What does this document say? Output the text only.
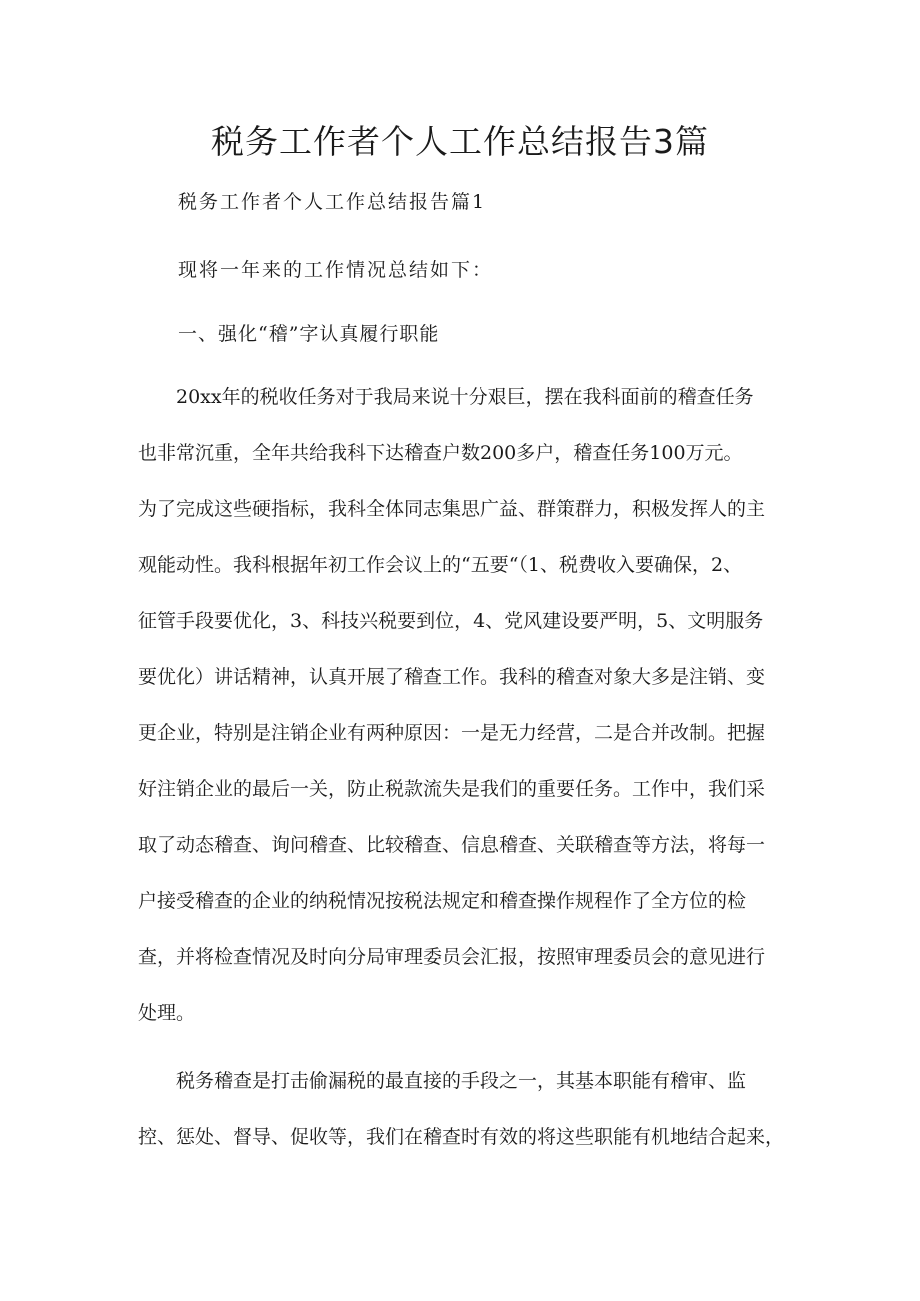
税务工作者个人工作总结报告3篇

税务工作者个人工作总结报告篇1

现将一年来的工作情况总结如下：

一、强化“稽”字认真履行职能

20xx年的税收任务对于我局来说十分艰巨，摆在我科面前的稽查任务
也非常沉重，全年共给我科下达稽查户数200多户，稽查任务100万元。
为了完成这些硬指标，我科全体同志集思广益、群策群力，积极发挥人的主
观能动性。我科根据年初工作会议上的“五要“（1、税费收入要确保，2、
征管手段要优化，3、科技兴税要到位，4、党风建设要严明，5、文明服务
要优化）讲话精神，认真开展了稽查工作。我科的稽查对象大多是注销、变
更企业，特别是注销企业有两种原因：一是无力经营，二是合并改制。把握
好注销企业的最后一关，防止税款流失是我们的重要任务。工作中，我们采
取了动态稽查、询问稽查、比较稽查、信息稽查、关联稽查等方法，将每一
户接受稽查的企业的纳税情况按税法规定和稽查操作规程作了全方位的检
查，并将检查情况及时向分局审理委员会汇报，按照审理委员会的意见进行
处理。
税务稽查是打击偷漏税的最直接的手段之一，其基本职能有稽审、监
控、惩处、督导、促收等，我们在稽查时有效的将这些职能有机地结合起来，
